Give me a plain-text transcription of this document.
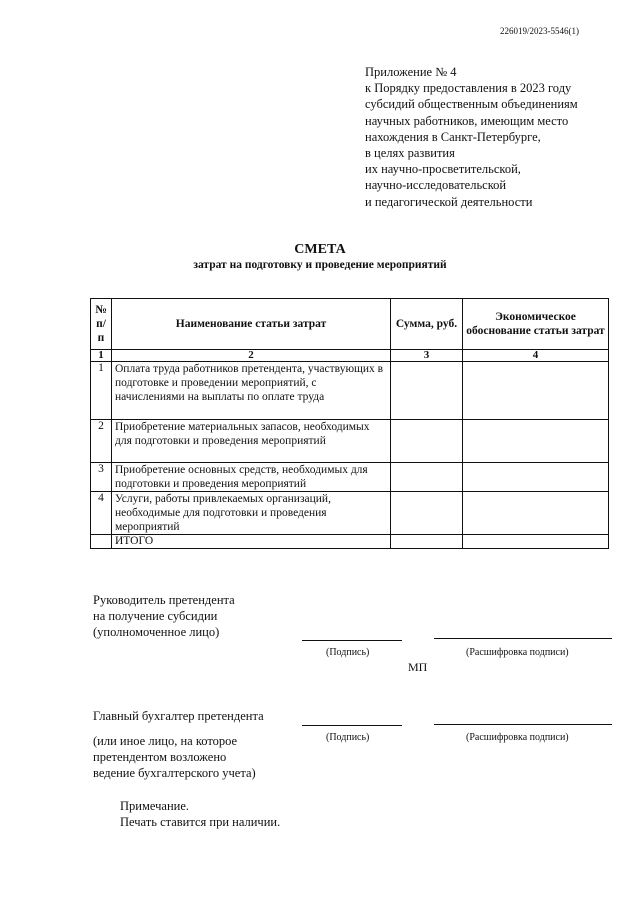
226019/2023-5546(1)
Приложение № 4
к Порядку предоставления в 2023 году
субсидий общественным объединениям
научных работников, имеющим место
нахождения в Санкт-Петербурге,
в целях развития
их научно-просветительской,
научно-исследовательской
и педагогической деятельности
СМЕТА
затрат на подготовку и проведение мероприятий
№ п/п	Наименование статьи затрат	Сумма, руб.	Экономическое обоснование статьи затрат
1	2	3	4
1	Оплата труда работников претендента, участвующих в подготовке и проведении мероприятий, с начислениями на выплаты по оплате труда		
2	Приобретение материальных запасов, необходимых для подготовки и проведения мероприятий		
3	Приобретение основных средств, необходимых для подготовки и проведения мероприятий		
4	Услуги, работы привлекаемых организаций, необходимые для подготовки и проведения мероприятий		
	ИТОГО		
Руководитель претендента
на получение субсидии
(уполномоченное лицо)
(Подпись)	(Расшифровка подписи)
МП
Главный бухгалтер претендента
(Подпись)	(Расшифровка подписи)
(или иное лицо, на которое
претендентом возложено
ведение бухгалтерского учета)
Примечание.
Печать ставится при наличии.
